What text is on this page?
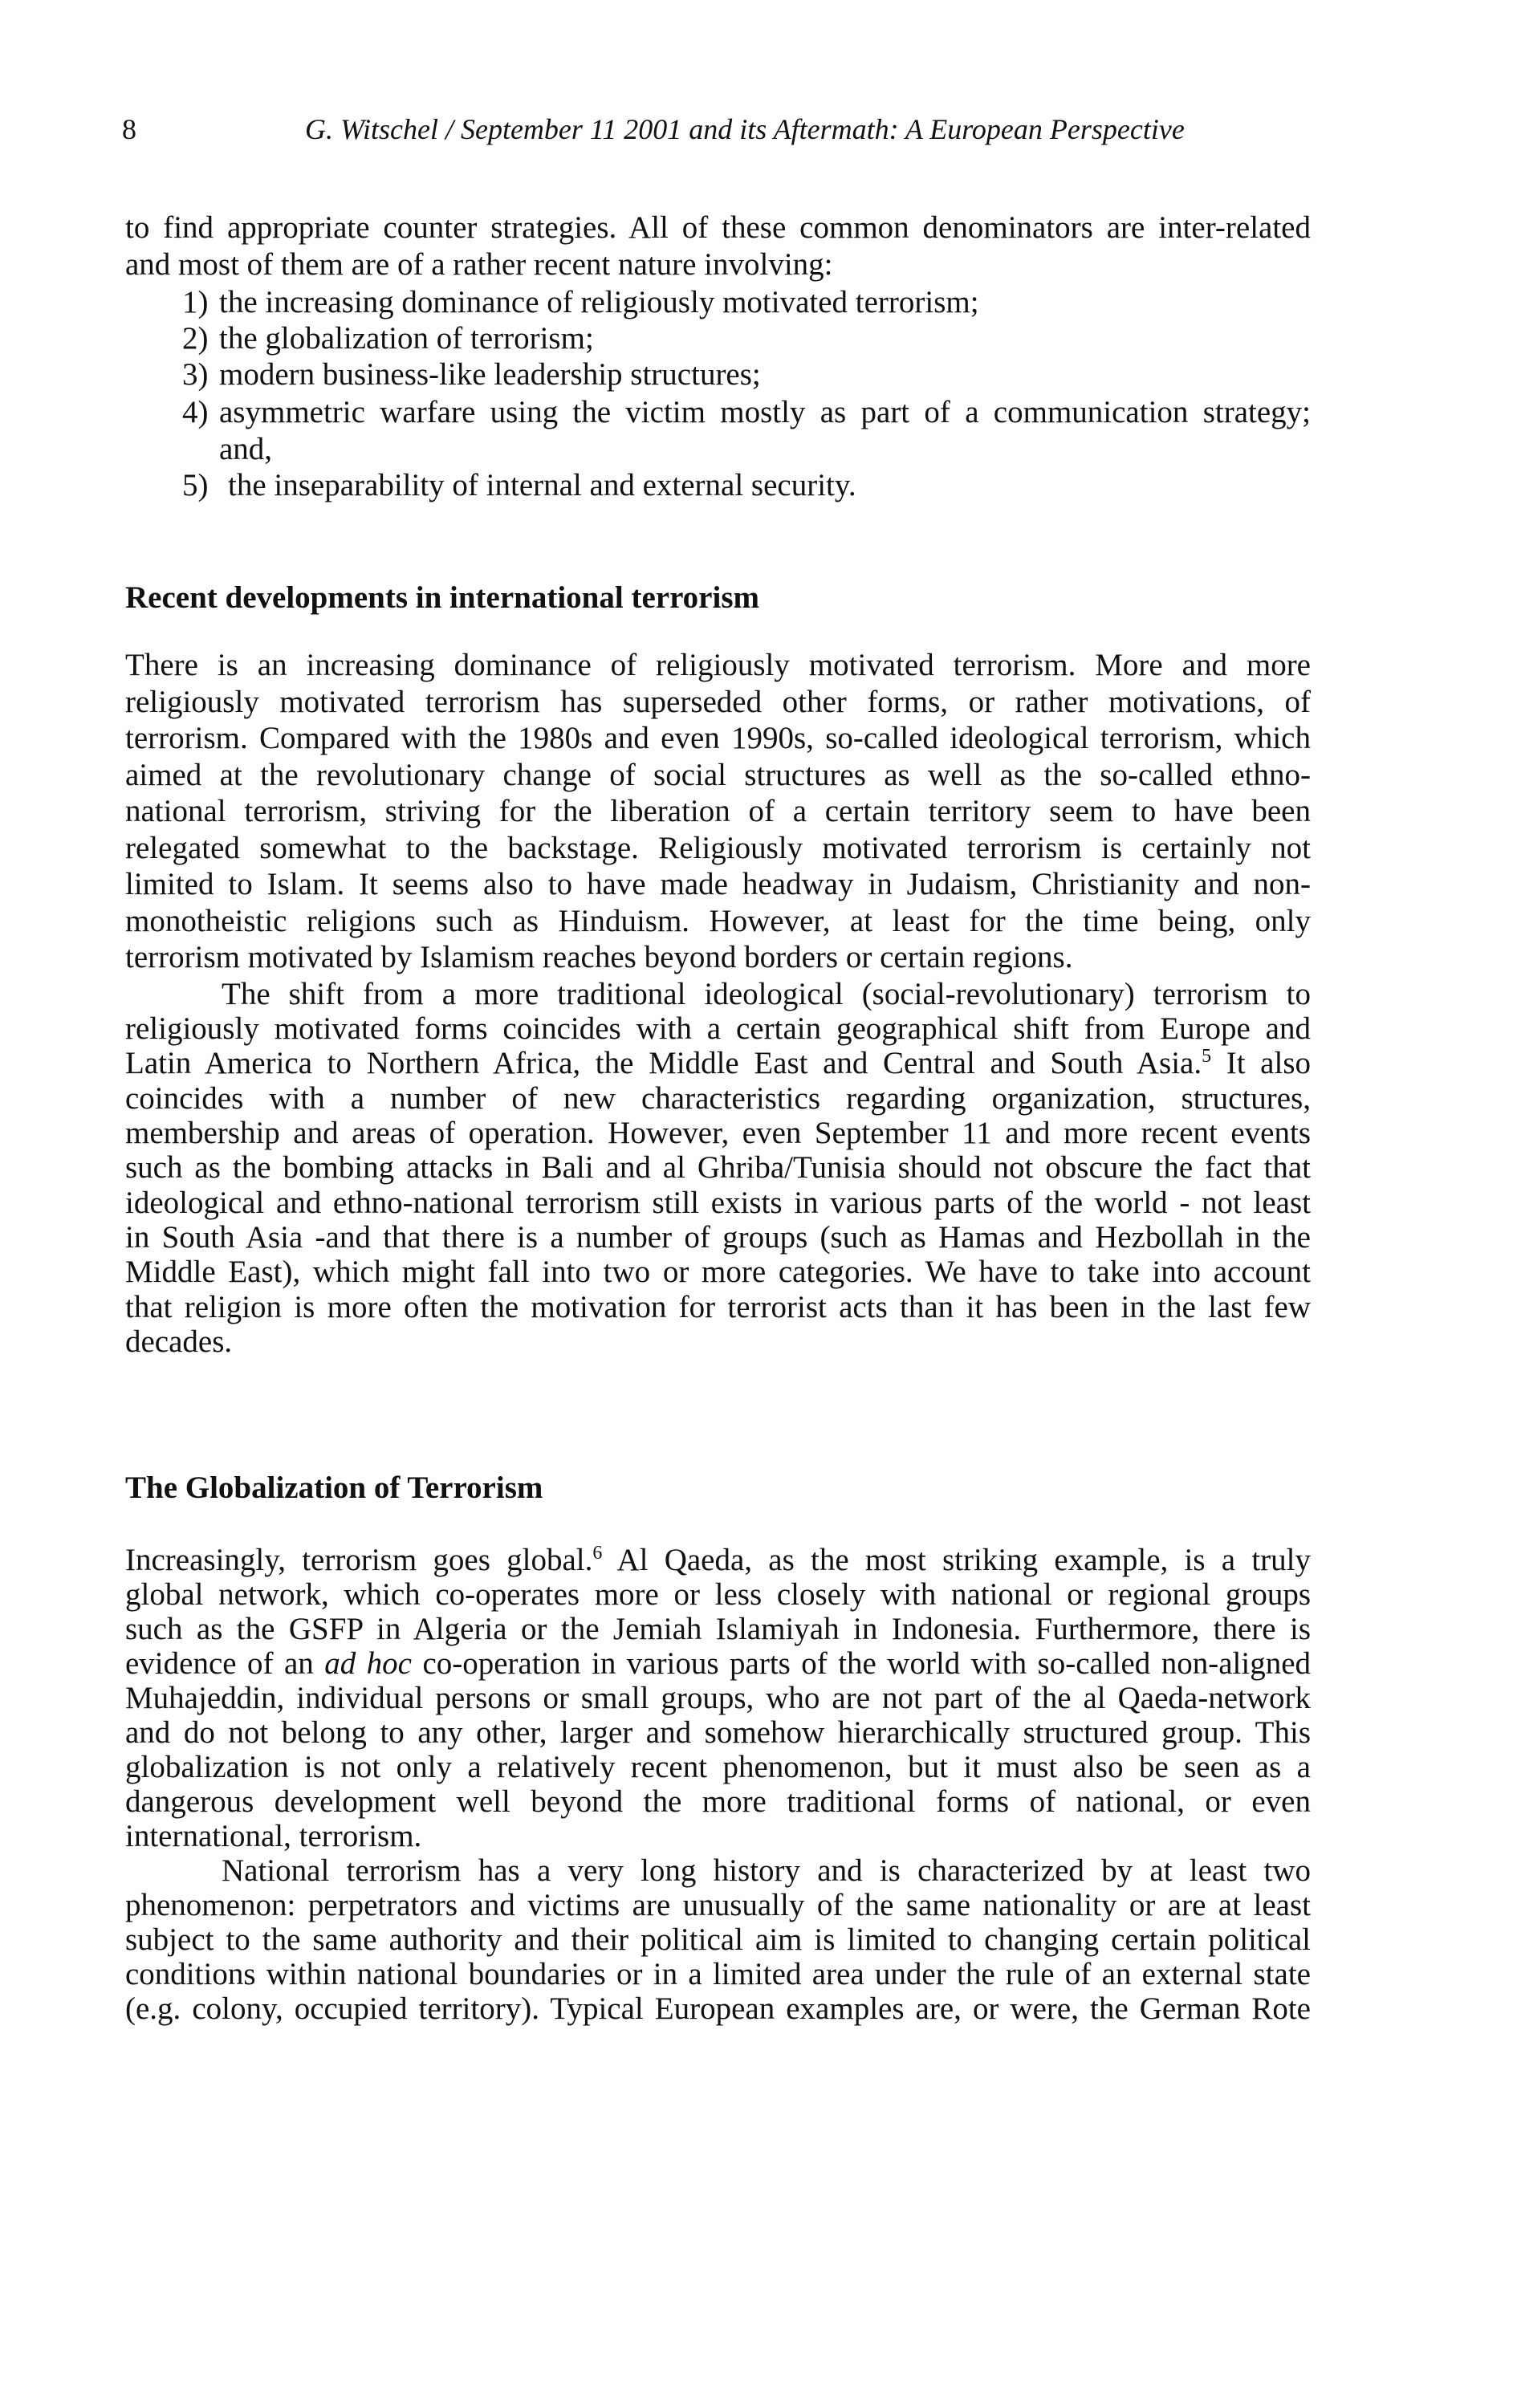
8	G. Witschel / September 11 2001 and its Aftermath: A European Perspective
to find appropriate counter strategies. All of these common denominators are inter-related
and most of them are of a rather recent nature involving:
1) the increasing dominance of religiously motivated terrorism;
2) the globalization of terrorism;
3) modern business-like leadership structures;
4) asymmetric warfare using the victim mostly as part of a communication strategy;
and,
5) the inseparability of internal and external security.
Recent developments in international terrorism
There is an increasing dominance of religiously motivated terrorism. More and more
religiously motivated terrorism has superseded other forms, or rather motivations, of
terrorism. Compared with the 1980s and even 1990s, so-called ideological terrorism, which
aimed at the revolutionary change of social structures as well as the so-called ethno-
national terrorism, striving for the liberation of a certain territory seem to have been
relegated somewhat to the backstage. Religiously motivated terrorism is certainly not
limited to Islam. It seems also to have made headway in Judaism, Christianity and non-
monotheistic religions such as Hinduism. However, at least for the time being, only
terrorism motivated by Islamism reaches beyond borders or certain regions.
The shift from a more traditional ideological (social-revolutionary) terrorism to
religiously motivated forms coincides with a certain geographical shift from Europe and
Latin America to Northern Africa, the Middle East and Central and South Asia.$^5$ It also
coincides with a number of new characteristics regarding organization, structures,
membership and areas of operation. However, even September 11 and more recent events
such as the bombing attacks in Bali and al Ghriba/Tunisia should not obscure the fact that
ideological and ethno-national terrorism still exists in various parts of the world - not least
in South Asia -and that there is a number of groups (such as Hamas and Hezbollah in the
Middle East), which might fall into two or more categories. We have to take into account
that religion is more often the motivation for terrorist acts than it has been in the last few
decades.
The Globalization of Terrorism
Increasingly, terrorism goes global.$^6$ Al Qaeda, as the most striking example, is a truly
global network, which co-operates more or less closely with national or regional groups
such as the GSFP in Algeria or the Jemiah Islamiyah in Indonesia. Furthermore, there is
evidence of an ad hoc co-operation in various parts of the world with so-called non-aligned
Muhajeddin, individual persons or small groups, who are not part of the al Qaeda-network
and do not belong to any other, larger and somehow hierarchically structured group. This
globalization is not only a relatively recent phenomenon, but it must also be seen as a
dangerous development well beyond the more traditional forms of national, or even
international, terrorism.
National terrorism has a very long history and is characterized by at least two
phenomenon: perpetrators and victims are unusually of the same nationality or are at least
subject to the same authority and their political aim is limited to changing certain political
conditions within national boundaries or in a limited area under the rule of an external state
(e.g. colony, occupied territory). Typical European examples are, or were, the German Rote
